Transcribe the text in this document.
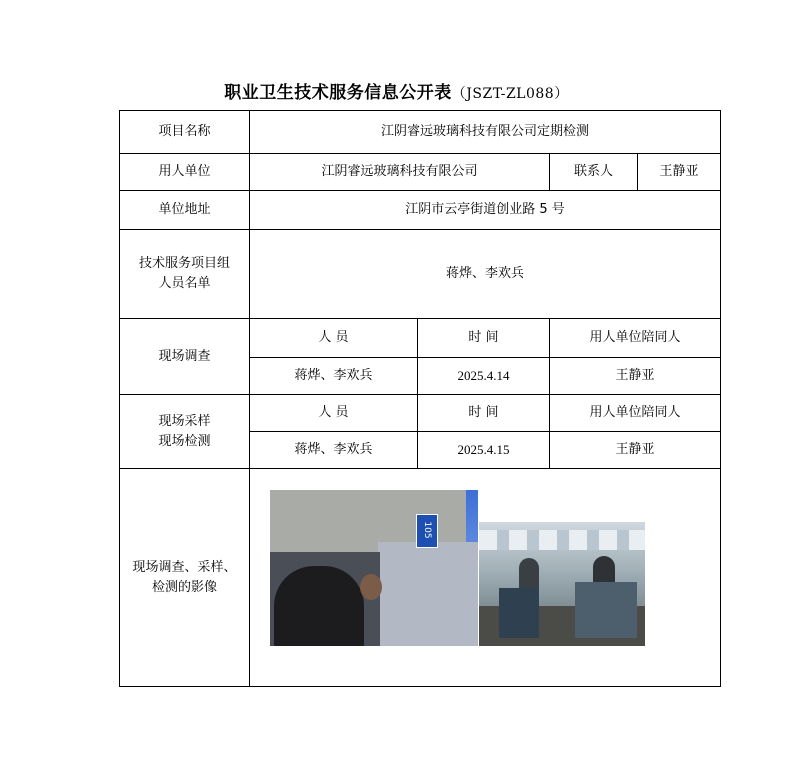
职业卫生技术服务信息公开表（JSZT-ZL088）
项目名称	江阴睿远玻璃科技有限公司定期检测			
用人单位	江阴睿远玻璃科技有限公司		联系人	王静亚
单位地址	江阴市云亭街道创业路 5 号			

技术服务项目组
人员名单	蒋烨、李欢兵			
现场调查	人 员	时 间	用人单位陪同人	
	蒋烨、李欢兵	2025.4.14	王静亚	

现场采样
现场检测	人 员	时 间	用人单位陪同人	
	蒋烨、李欢兵	2025.4.15	王静亚	

现场调查、采样、
检测的影像	105			
